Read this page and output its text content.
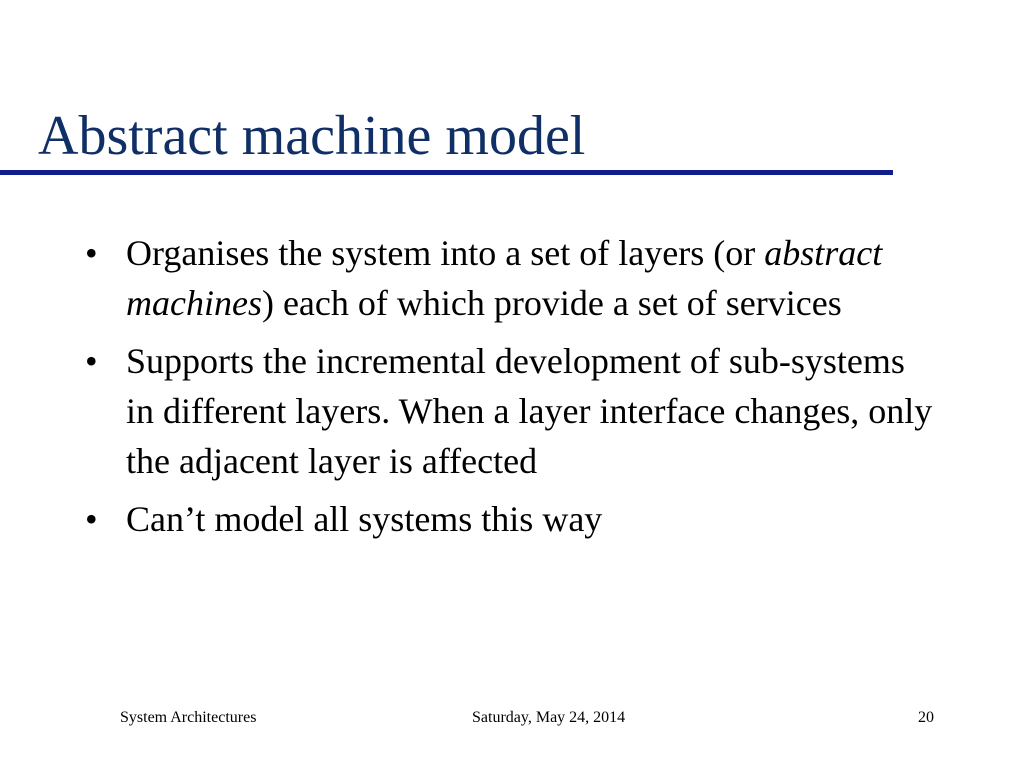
Abstract machine model
• Organises the system into a set of layers (or abstract machines) each of which provide a set of services
• Supports the incremental development of sub-systems in different layers. When a layer interface changes, only the adjacent layer is affected
• Can’t model all systems this way
System Architectures	Saturday, May 24, 2014	20
